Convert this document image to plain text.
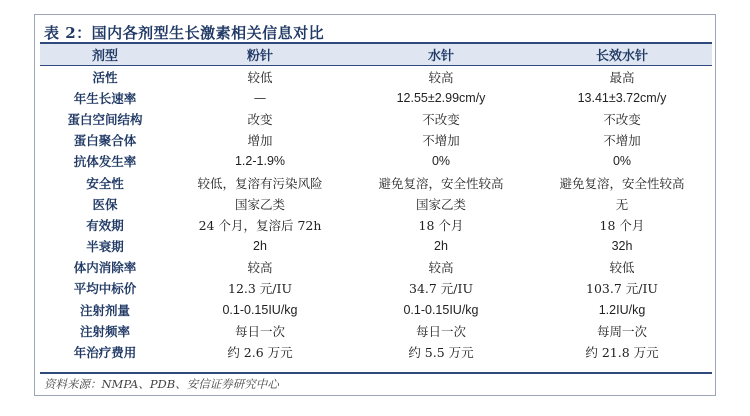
表 2：国内各剂型生长激素相关信息对比
剂型	粉针	水针	长效水针
活性	较低	较高	最高
年生长速率	—	12.55±2.99cm/y	13.41±3.72cm/y
蛋白空间结构	改变	不改变	不改变
蛋白聚合体	增加	不增加	不增加
抗体发生率	1.2-1.9%	0%	0%
安全性	较低，复溶有污染风险	避免复溶，安全性较高	避免复溶，安全性较高
医保	国家乙类	国家乙类	无
有效期	24 个月，复溶后 72h	18 个月	18 个月
半衰期	2h	2h	32h
体内消除率	较高	较高	较低
平均中标价	12.3 元/IU	34.7 元/IU	103.7 元/IU
注射剂量	0.1-0.15IU/kg	0.1-0.15IU/kg	1.2IU/kg
注射频率	每日一次	每日一次	每周一次
年治疗费用	约 2.6 万元	约 5.5 万元	约 21.8 万元
资料来源：NMPA、PDB、安信证券研究中心
